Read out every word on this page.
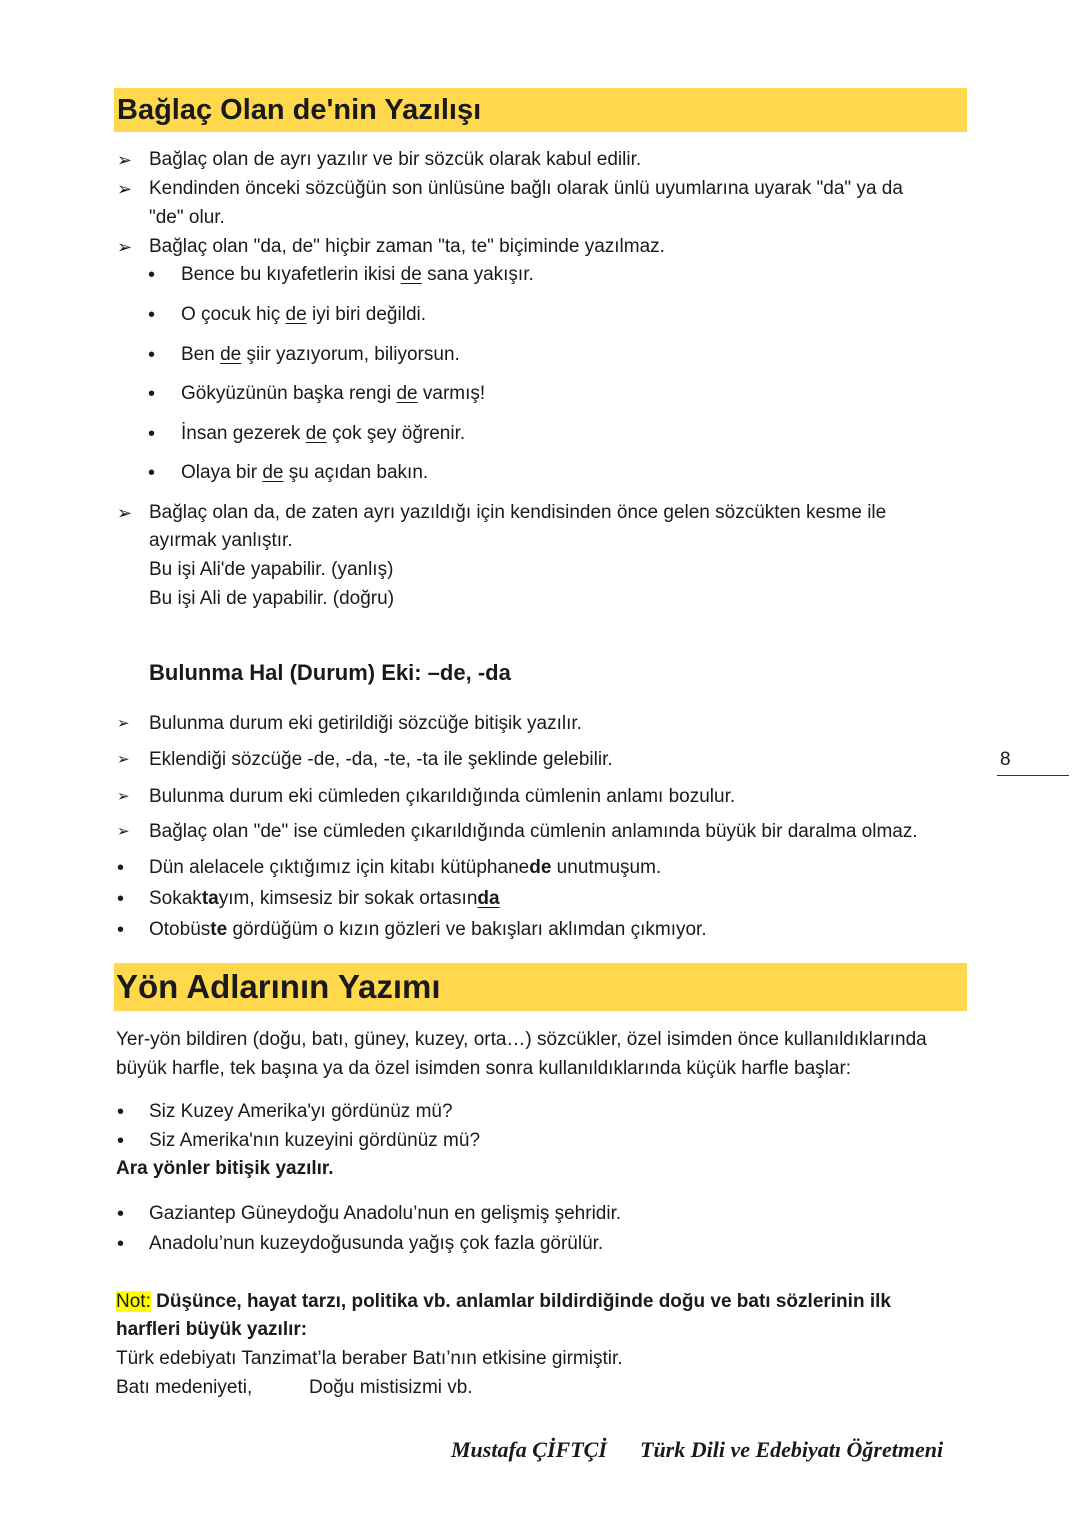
Bağlaç Olan de'nin Yazılışı
➢ Bağlaç olan de ayrı yazılır ve bir sözcük olarak kabul edilir.
➢ Kendinden önceki sözcüğün son ünlüsüne bağlı olarak ünlü uyumlarına uyarak "da" ya da
"de" olur.
➢ Bağlaç olan "da, de" hiçbir zaman "ta, te" biçiminde yazılmaz.
• Bence bu kıyafetlerin ikisi de sana yakışır.
• O çocuk hiç de iyi biri değildi.
• Ben de şiir yazıyorum, biliyorsun.
• Gökyüzünün başka rengi de varmış!
• İnsan gezerek de çok şey öğrenir.
• Olaya bir de şu açıdan bakın.
➢ Bağlaç olan da, de zaten ayrı yazıldığı için kendisinden önce gelen sözcükten kesme ile
ayırmak yanlıştır.
Bu işi Ali'de yapabilir. (yanlış)
Bu işi Ali de yapabilir. (doğru)
Bulunma Hal (Durum) Eki: –de, -da
➢ Bulunma durum eki getirildiği sözcüğe bitişik yazılır.
➢ Eklendiği sözcüğe -de, -da, -te, -ta ile şeklinde gelebilir.
➢ Bulunma durum eki cümleden çıkarıldığında cümlenin anlamı bozulur.
➢ Bağlaç olan "de" ise cümleden çıkarıldığında cümlenin anlamında büyük bir daralma olmaz.
• Dün alelacele çıktığımız için kitabı kütüphanede unutmuşum.
• Sokaktayım, kimsesiz bir sokak ortasında
• Otobüste gördüğüm o kızın gözleri ve bakışları aklımdan çıkmıyor.
8
Yön Adlarının Yazımı
Yer-yön bildiren (doğu, batı, güney, kuzey, orta…) sözcükler, özel isimden önce kullanıldıklarında
büyük harfle, tek başına ya da özel isimden sonra kullanıldıklarında küçük harfle başlar:
• Siz Kuzey Amerika'yı gördünüz mü?
• Siz Amerika'nın kuzeyini gördünüz mü?
Ara yönler bitişik yazılır.
• Gaziantep Güneydoğu Anadolu’nun en gelişmiş şehridir.
• Anadolu’nun kuzeydoğusunda yağış çok fazla görülür.
Not: Düşünce, hayat tarzı, politika vb. anlamlar bildirdiğinde doğu ve batı sözlerinin ilk
harfleri büyük yazılır:
Türk edebiyatı Tanzimat’la beraber Batı’nın etkisine girmiştir.
Batı medeniyeti,	Doğu mistisizmi vb.
Mustafa ÇİFTÇİ Türk Dili ve Edebiyatı Öğretmeni
